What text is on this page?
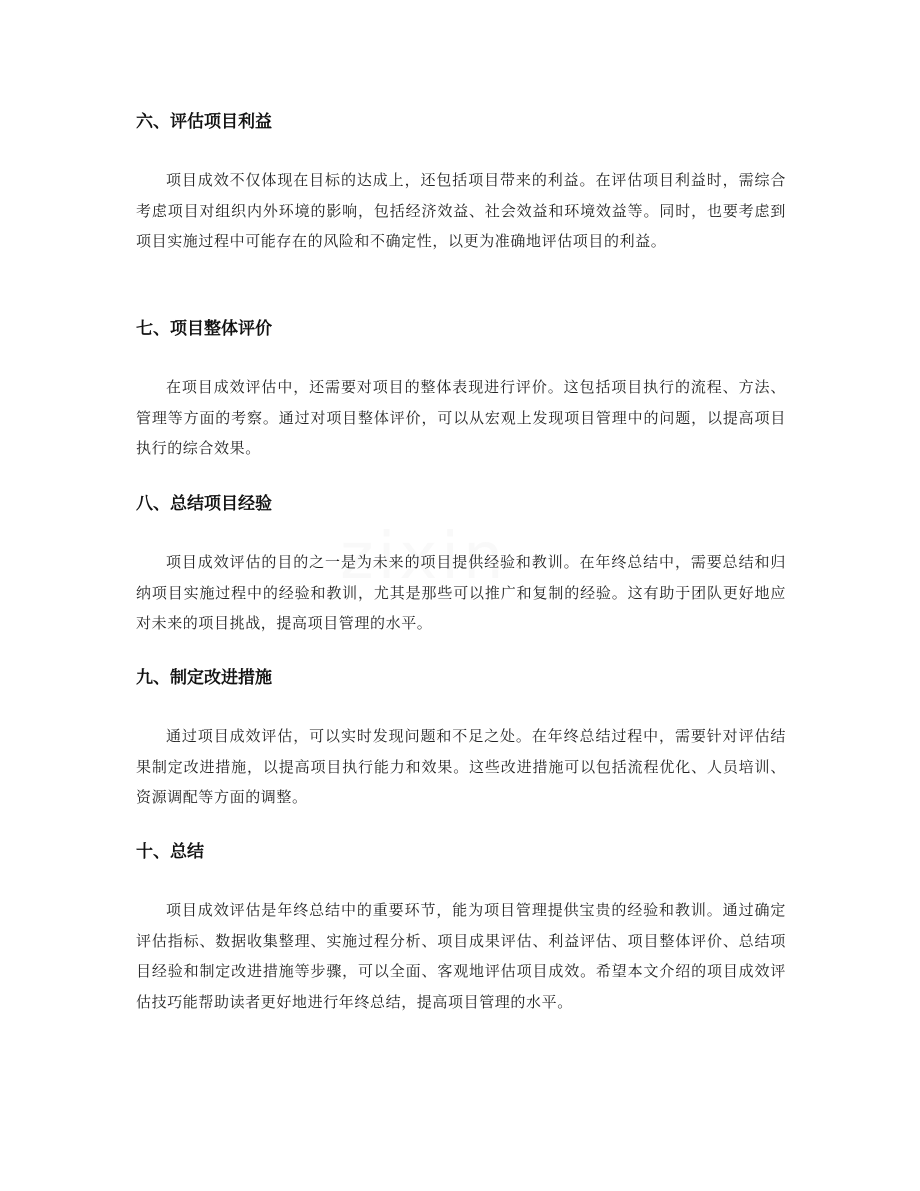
zixin
六、评估项目利益

项目成效不仅体现在目标的达成上，还包括项目带来的利益。在评估项目利益时，需综合考虑项目对组织内外环境的影响，包括经济效益、社会效益和环境效益等。同时，也要考虑到项目实施过程中可能存在的风险和不确定性，以更为准确地评估项目的利益。

七、项目整体评价

在项目成效评估中，还需要对项目的整体表现进行评价。这包括项目执行的流程、方法、管理等方面的考察。通过对项目整体评价，可以从宏观上发现项目管理中的问题，以提高项目执行的综合效果。

八、总结项目经验

项目成效评估的目的之一是为未来的项目提供经验和教训。在年终总结中，需要总结和归纳项目实施过程中的经验和教训，尤其是那些可以推广和复制的经验。这有助于团队更好地应对未来的项目挑战，提高项目管理的水平。

九、制定改进措施

通过项目成效评估，可以实时发现问题和不足之处。在年终总结过程中，需要针对评估结果制定改进措施，以提高项目执行能力和效果。这些改进措施可以包括流程优化、人员培训、资源调配等方面的调整。

十、总结

项目成效评估是年终总结中的重要环节，能为项目管理提供宝贵的经验和教训。通过确定评估指标、数据收集整理、实施过程分析、项目成果评估、利益评估、项目整体评价、总结项目经验和制定改进措施等步骤，可以全面、客观地评估项目成效。希望本文介绍的项目成效评估技巧能帮助读者更好地进行年终总结，提高项目管理的水平。
